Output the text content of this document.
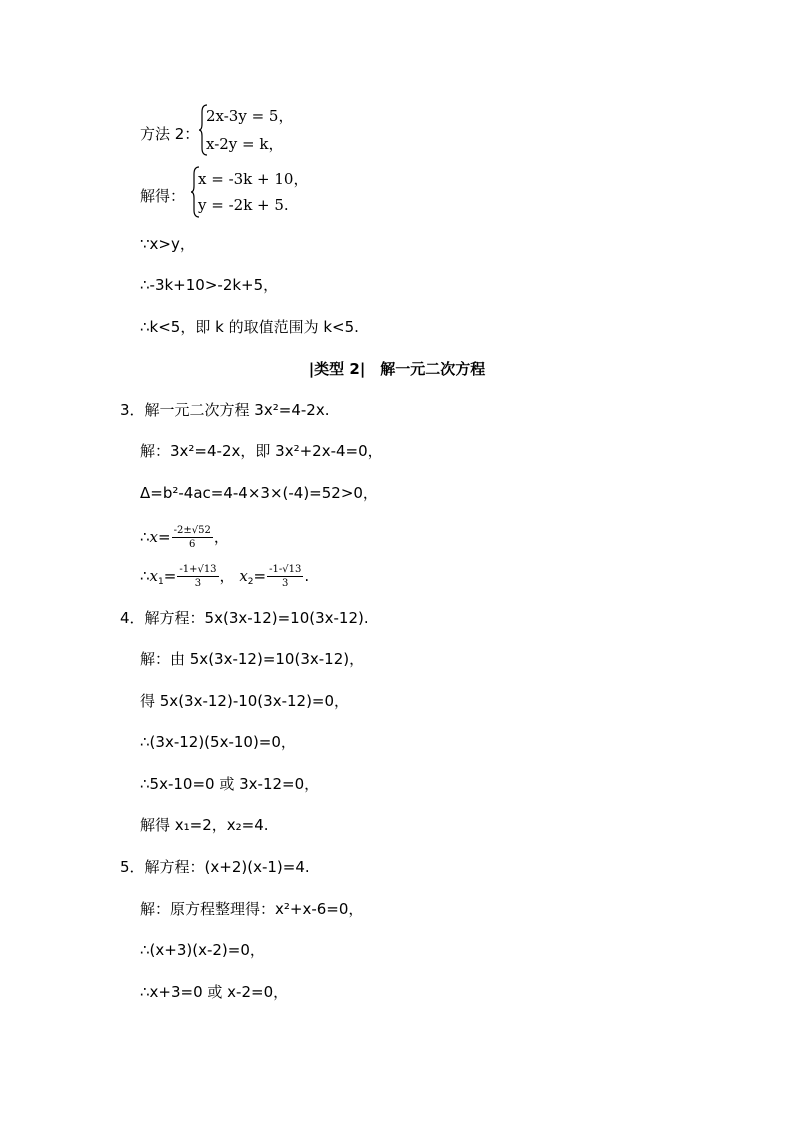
方法 2：
2x-3y = 5，
x-2y = k，
解得：
x = -3k + 10，
y = -2k + 5.
∵x>y，
∴-3k+10>-2k+5，
∴k<5，即 k 的取值范围为 k<5.
|类型 2|　解一元二次方程
3．解一元二次方程 3x²=4-2x.
解：3x²=4-2x，即 3x²+2x-4=0，
Δ=b²-4ac=4-4×3×(-4)=52>0，
∴x= $\frac{-2\pm√52}{6}$ ，
$\therefore x_1= \frac{-1+√13}{3}$ ， $x_2= \frac{-1-√13}{3}$ .
4．解方程：5x(3x-12)=10(3x-12).
解：由 5x(3x-12)=10(3x-12)，
得 5x(3x-12)-10(3x-12)=0，
∴(3x-12)(5x-10)=0，
∴5x-10=0 或 3x-12=0，
解得 x₁=2，x₂=4.
5．解方程：(x+2)(x-1)=4.
解：原方程整理得：x²+x-6=0，
∴(x+3)(x-2)=0，
∴x+3=0 或 x-2=0，
